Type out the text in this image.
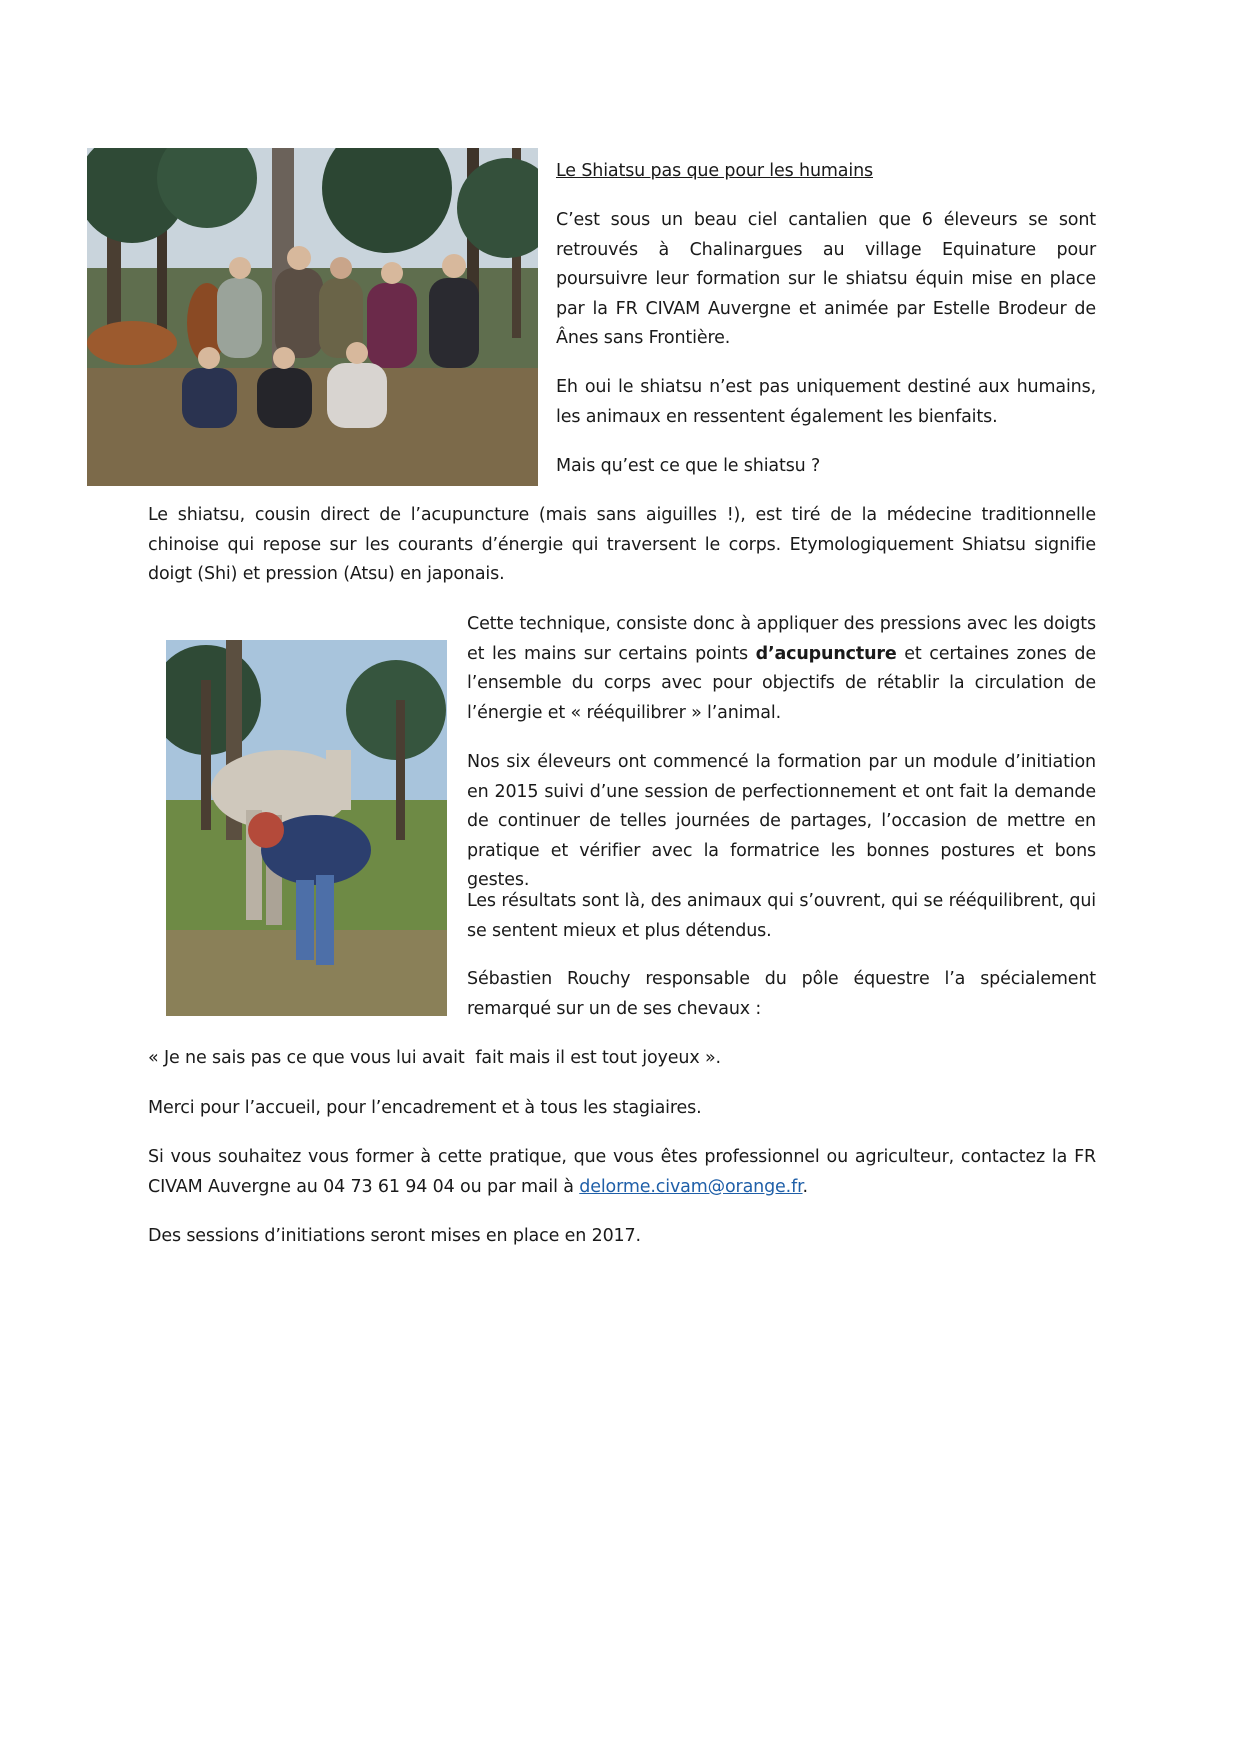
Le Shiatsu pas que pour les humains

C’est sous un beau ciel cantalien que 6 éleveurs se sont retrouvés à Chalinargues au village Equinature pour poursuivre leur formation sur le shiatsu équin mise en place par la FR CIVAM Auvergne et animée par Estelle Brodeur de Ânes sans Frontière.

Eh oui le shiatsu n’est pas uniquement destiné aux humains, les animaux en ressentent également les bienfaits.

Mais qu’est ce que le shiatsu ?

Le shiatsu, cousin direct de l’acupuncture (mais sans aiguilles !), est tiré de la médecine traditionnelle chinoise qui repose sur les courants d’énergie qui traversent le corps. Etymologiquement Shiatsu signifie doigt (Shi) et pression (Atsu) en japonais.

Cette technique, consiste donc à appliquer des pressions avec les doigts et les mains sur certains points d’acupuncture et certaines zones de l’ensemble du corps avec pour objectifs de rétablir la circulation de l’énergie et « rééquilibrer » l’animal.

Nos six éleveurs ont commencé la formation par un module d’initiation en 2015 suivi d’une session de perfectionnement et ont fait la demande de continuer de telles journées de partages, l’occasion de mettre en pratique et vérifier avec la formatrice les bonnes postures et bons gestes.

Les résultats sont là, des animaux qui s’ouvrent, qui se rééquilibrent, qui se sentent mieux et plus détendus.

Sébastien Rouchy responsable du pôle équestre l’a spécialement remarqué sur un de ses chevaux :

« Je ne sais pas ce que vous lui avait  fait mais il est tout joyeux ».

Merci pour l’accueil, pour l’encadrement et à tous les stagiaires.

Si vous souhaitez vous former à cette pratique, que vous êtes professionnel ou agriculteur, contactez la FR CIVAM Auvergne au 04 73 61 94 04 ou par mail à delorme.civam@orange.fr.

Des sessions d’initiations seront mises en place en 2017.
